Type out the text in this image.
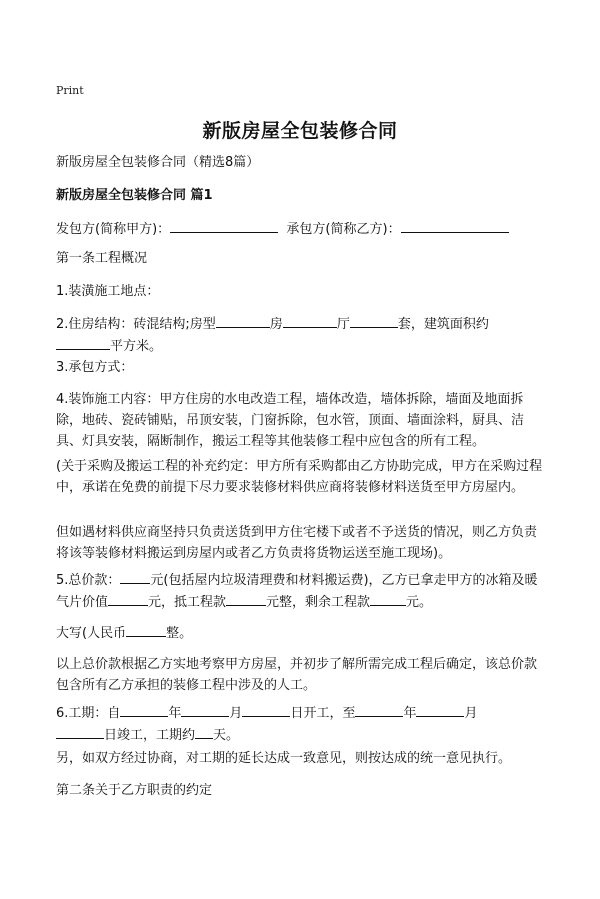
Print
新版房屋全包装修合同
新版房屋全包装修合同（精选8篇）
新版房屋全包装修合同 篇1
发包方(简称甲方)：	承包方(简称乙方)：
第一条工程概况
1.装潢施工地点：
2.住房结构：砖混结构;房型	房	厅	套，建筑面积约
平方米。
3.承包方式：
4.装饰施工内容：甲方住房的水电改造工程，墙体改造，墙体拆除，墙面及地面拆除，地砖、瓷砖铺贴，吊顶安装，门窗拆除，包水管，顶面、墙面涂料，厨具、洁具、灯具安装，隔断制作，搬运工程等其他装修工程中应包含的所有工程。
(关于采购及搬运工程的补充约定：甲方所有采购都由乙方协助完成，甲方在采购过程中，承诺在免费的前提下尽力要求装修材料供应商将装修材料送货至甲方房屋内。
但如遇材料供应商坚持只负责送货到甲方住宅楼下或者不予送货的情况，则乙方负责将该等装修材料搬运到房屋内或者乙方负责将货物运送至施工现场)。
5.总价款： 元(包括屋内垃圾清理费和材料搬运费)，乙方已拿走甲方的冰箱及暖气片价值	元，抵工程款	元整，剩余工程款	元。
大写(人民币	整。
以上总价款根据乙方实地考察甲方房屋，并初步了解所需完成工程后确定，该总价款包含所有乙方承担的装修工程中涉及的人工。
6.工期：自	年	月	日开工，至	年	月
日竣工，工期约 天。
另，如双方经过协商，对工期的延长达成一致意见，则按达成的统一意见执行。
第二条关于乙方职责的约定
